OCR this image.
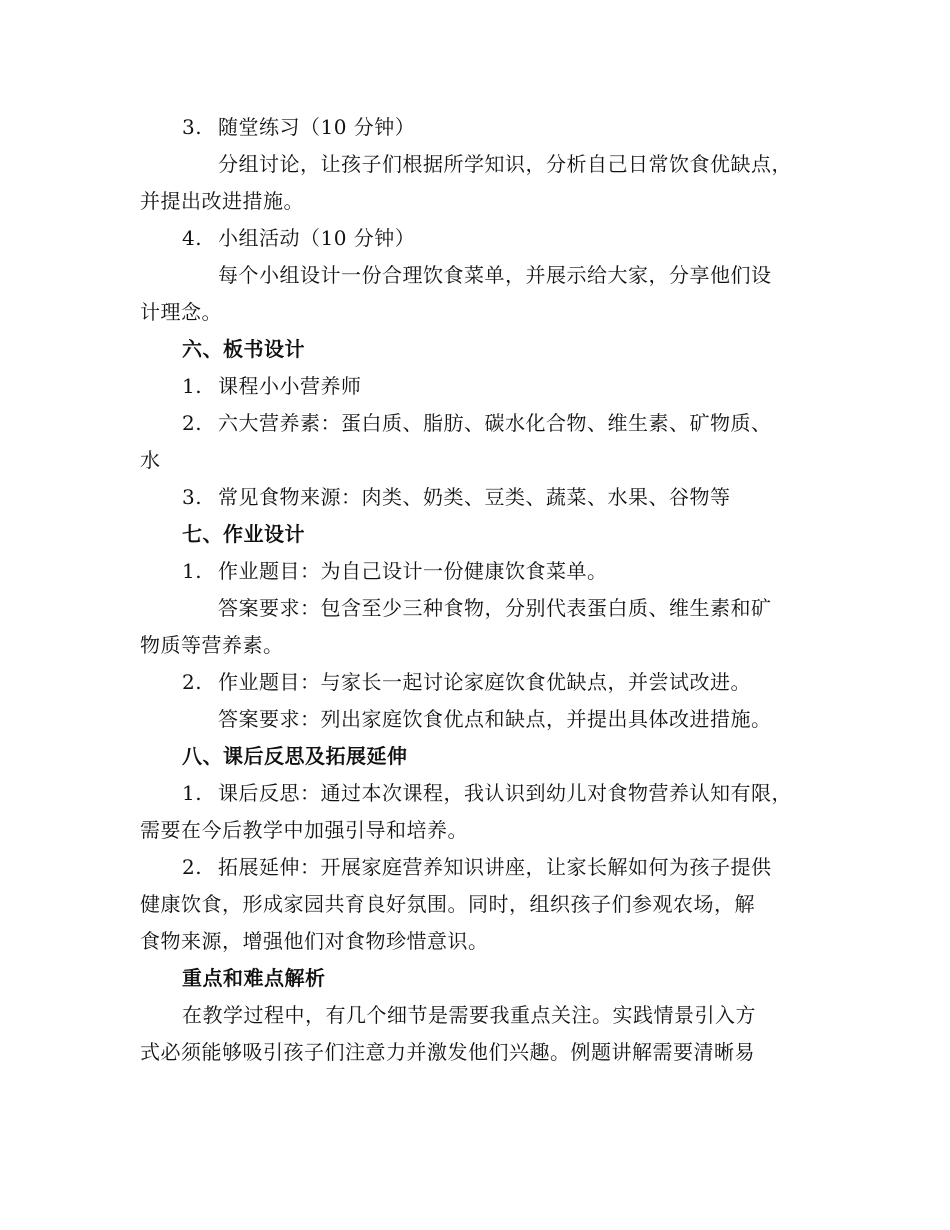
3. 随堂练习（10 分钟）
分组讨论，让孩子们根据所学知识，分析自己日常饮食优缺点，
并提出改进措施。
4. 小组活动（10 分钟）
每个小组设计一份合理饮食菜单，并展示给大家，分享他们设
计理念。
六、板书设计
1. 课程小小营养师
2. 六大营养素：蛋白质、脂肪、碳水化合物、维生素、矿物质、
水
3. 常见食物来源：肉类、奶类、豆类、蔬菜、水果、谷物等
七、作业设计
1. 作业题目：为自己设计一份健康饮食菜单。
答案要求：包含至少三种食物，分别代表蛋白质、维生素和矿
物质等营养素。
2. 作业题目：与家长一起讨论家庭饮食优缺点，并尝试改进。
答案要求：列出家庭饮食优点和缺点，并提出具体改进措施。
八、课后反思及拓展延伸
1. 课后反思：通过本次课程，我认识到幼儿对食物营养认知有限，
需要在今后教学中加强引导和培养。
2. 拓展延伸：开展家庭营养知识讲座，让家长解如何为孩子提供
健康饮食，形成家园共育良好氛围。同时，组织孩子们参观农场，解
食物来源，增强他们对食物珍惜意识。
重点和难点解析
在教学过程中，有几个细节是需要我重点关注。实践情景引入方
式必须能够吸引孩子们注意力并激发他们兴趣。例题讲解需要清晰易
